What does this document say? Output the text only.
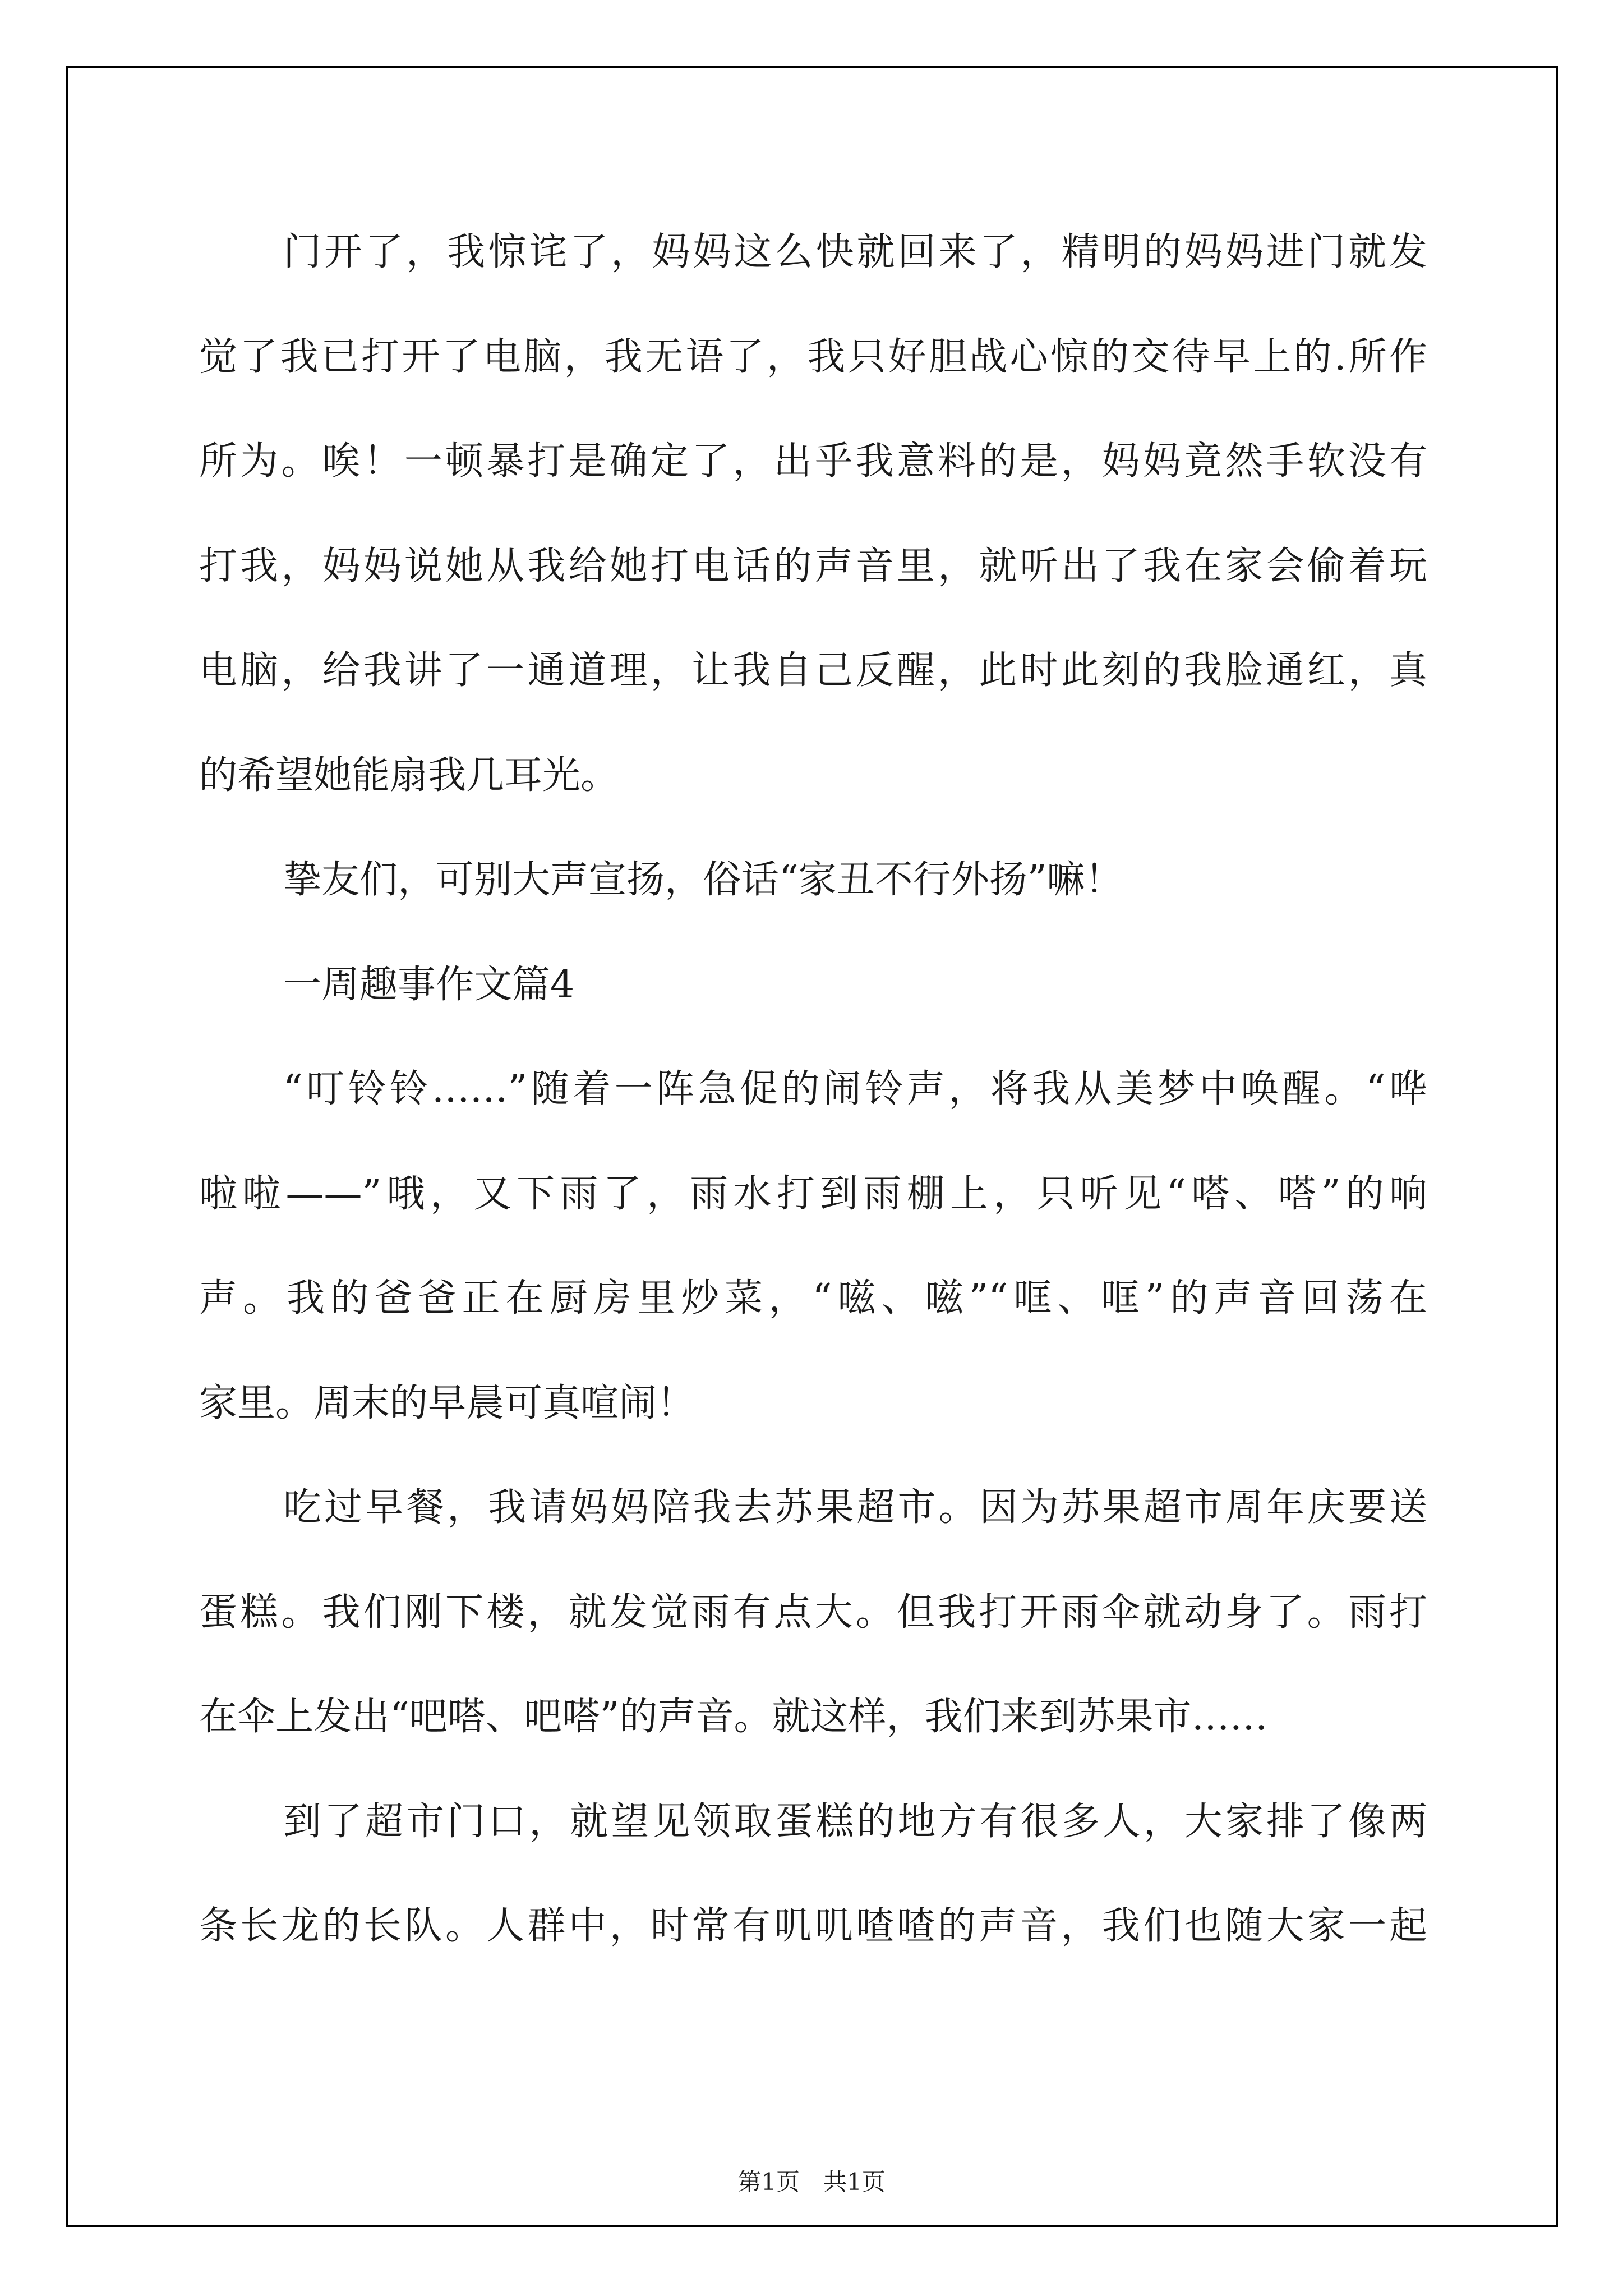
门开了，我惊诧了，妈妈这么快就回来了，精明的妈妈进门就发
觉了我已打开了电脑，我无语了，我只好胆战心惊的交待早上的.所作
所为。唉！一顿暴打是确定了，出乎我意料的是，妈妈竟然手软没有
打我，妈妈说她从我给她打电话的声音里，就听出了我在家会偷着玩
电脑，给我讲了一通道理，让我自己反醒，此时此刻的我脸通红，真
的希望她能扇我几耳光。
挚友们，可别大声宣扬，俗话“家丑不行外扬”嘛！
一周趣事作文篇4
“叮铃铃……”随着一阵急促的闹铃声，将我从美梦中唤醒。“哗
啦啦——”哦，又下雨了，雨水打到雨棚上，只听见“嗒、嗒”的响
声。我的爸爸正在厨房里炒菜，“嗞、嗞”“哐、哐”的声音回荡在
家里。周末的早晨可真喧闹！
吃过早餐，我请妈妈陪我去苏果超市。因为苏果超市周年庆要送
蛋糕。我们刚下楼，就发觉雨有点大。但我打开雨伞就动身了。雨打
在伞上发出“吧嗒、吧嗒”的声音。就这样，我们来到苏果市……
到了超市门口，就望见领取蛋糕的地方有很多人，大家排了像两
条长龙的长队。人群中，时常有叽叽喳喳的声音，我们也随大家一起
第1页　共1页
